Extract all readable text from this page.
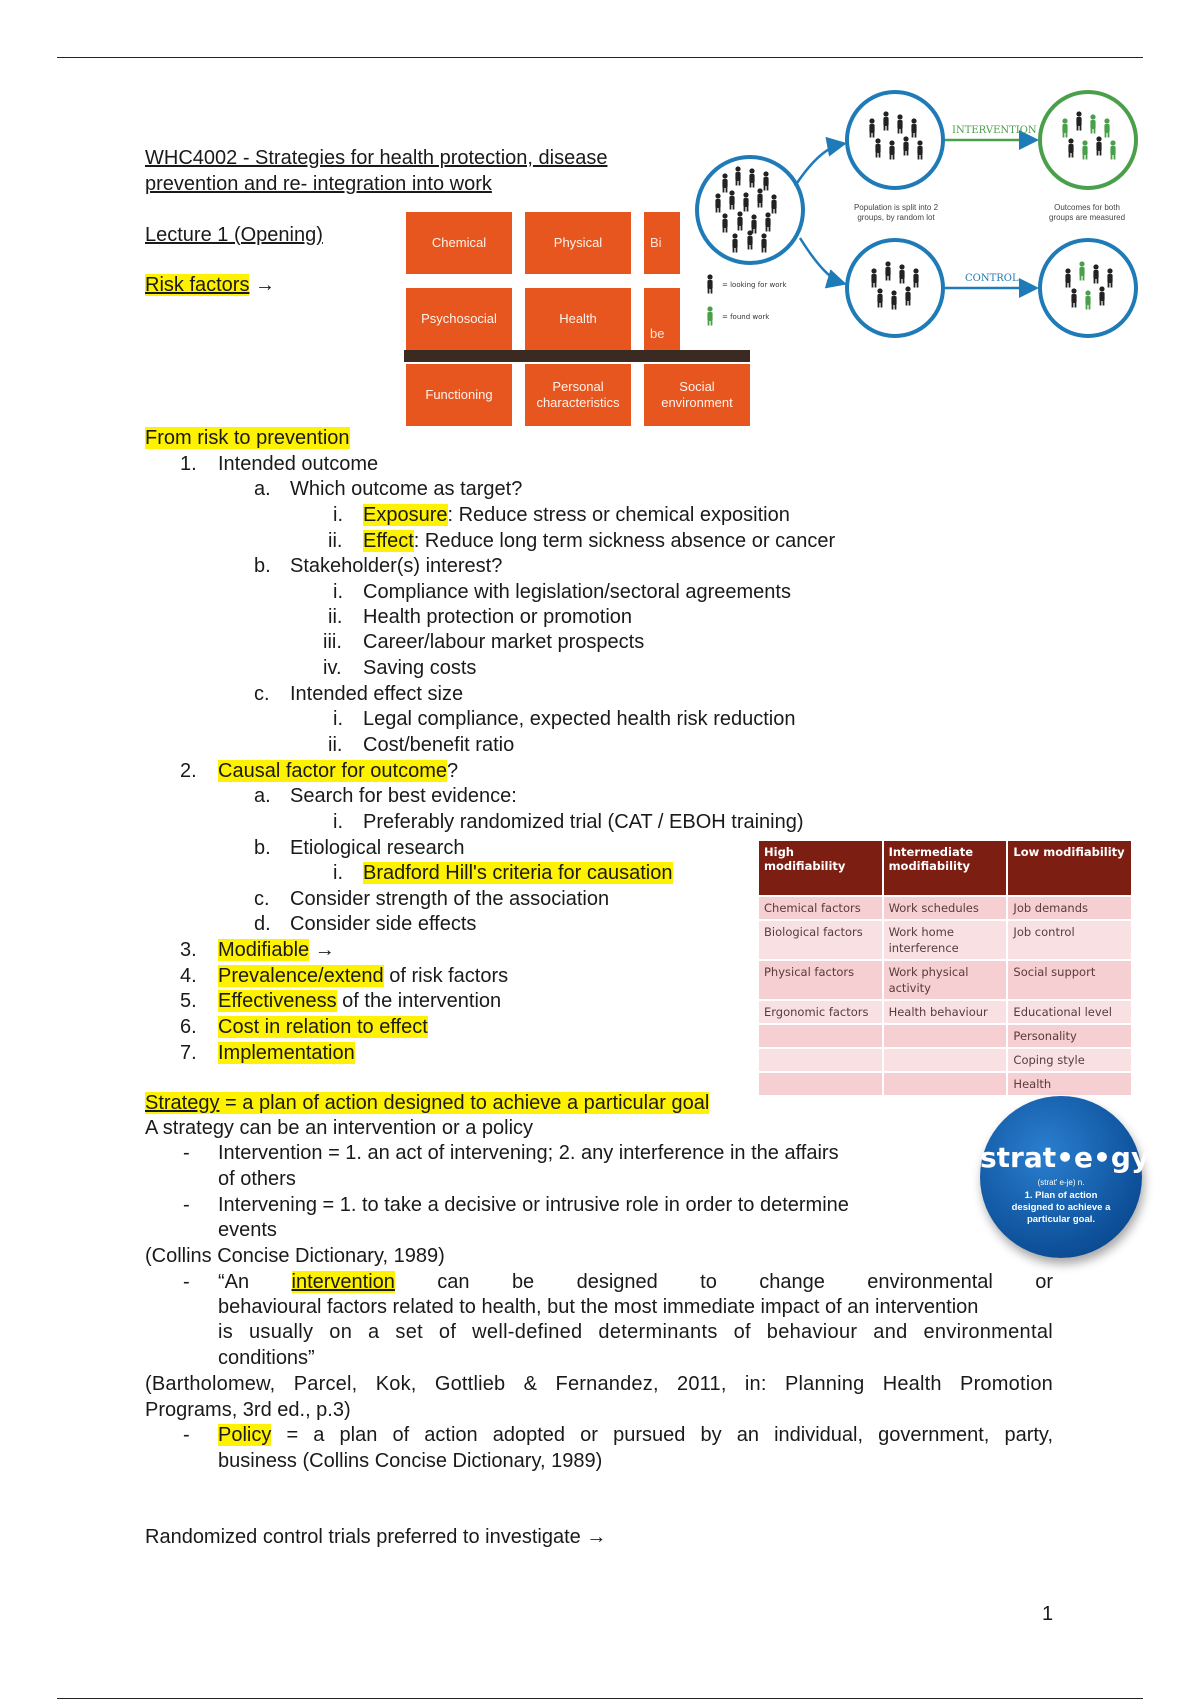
WHC4002 - Strategies for health protection, disease
prevention and re- integration into work
Lecture 1 (Opening)
Risk factors →
Chemical	Physical	Bi
Psychosocial	Health
be
Functioning
Personal characteristics
Social environment
INTERVENTION
CONTROL
= looking for work
= found work
Population is split into 2 groups, by random lot
Outcomes for both groups are measured
From risk to prevention
1. Intended outcome
a. Which outcome as target?
i. Exposure: Reduce stress or chemical exposition
ii. Effect: Reduce long term sickness absence or cancer
b. Stakeholder(s) interest?
i. Compliance with legislation/sectoral agreements
ii. Health protection or promotion
iii. Career/labour market prospects
iv. Saving costs
c. Intended effect size
i. Legal compliance, expected health risk reduction
ii. Cost/benefit ratio
2. Causal factor for outcome?
a. Search for best evidence:
i. Preferably randomized trial (CAT / EBOH training)
b. Etiological research
i. Bradford Hill's criteria for causation
c. Consider strength of the association
d. Consider side effects
3. Modifiable →
4. Prevalence/extend of risk factors
5. Effectiveness of the intervention
6. Cost in relation to effect
7. Implementation
High modifiability	Intermediate modifiability	Low modifiability
Chemical factors	Work schedules	Job demands
Biological factors	Work home interference	Job control
Physical factors	Work physical activity	Social support
Ergonomic factors	Health behaviour	Educational level
		Personality
		Coping style
		Health
Strategy = a plan of action designed to achieve a particular goal
A strategy can be an intervention or a policy
- Intervention = 1. an act of intervening; 2. any interference in the affairs
of others
- Intervening = 1. to take a decisive or intrusive role in order to determine
events
(Collins Concise Dictionary, 1989)
- “An intervention can be designed to change environmental or
behavioural factors related to health, but the most immediate impact of an intervention
is usually on a set of well-defined determinants of behaviour and environmental
conditions”
(Bartholomew, Parcel, Kok, Gottlieb & Fernandez, 2011, in: Planning Health Promotion
Programs, 3rd ed., p.3)
- Policy = a plan of action adopted or pursued by an individual, government, party,
business (Collins Concise Dictionary, 1989)
strat•e•gy
(strat' e-je) n.
1. Plan of action designed to achieve a particular goal.
Randomized control trials preferred to investigate →
1
